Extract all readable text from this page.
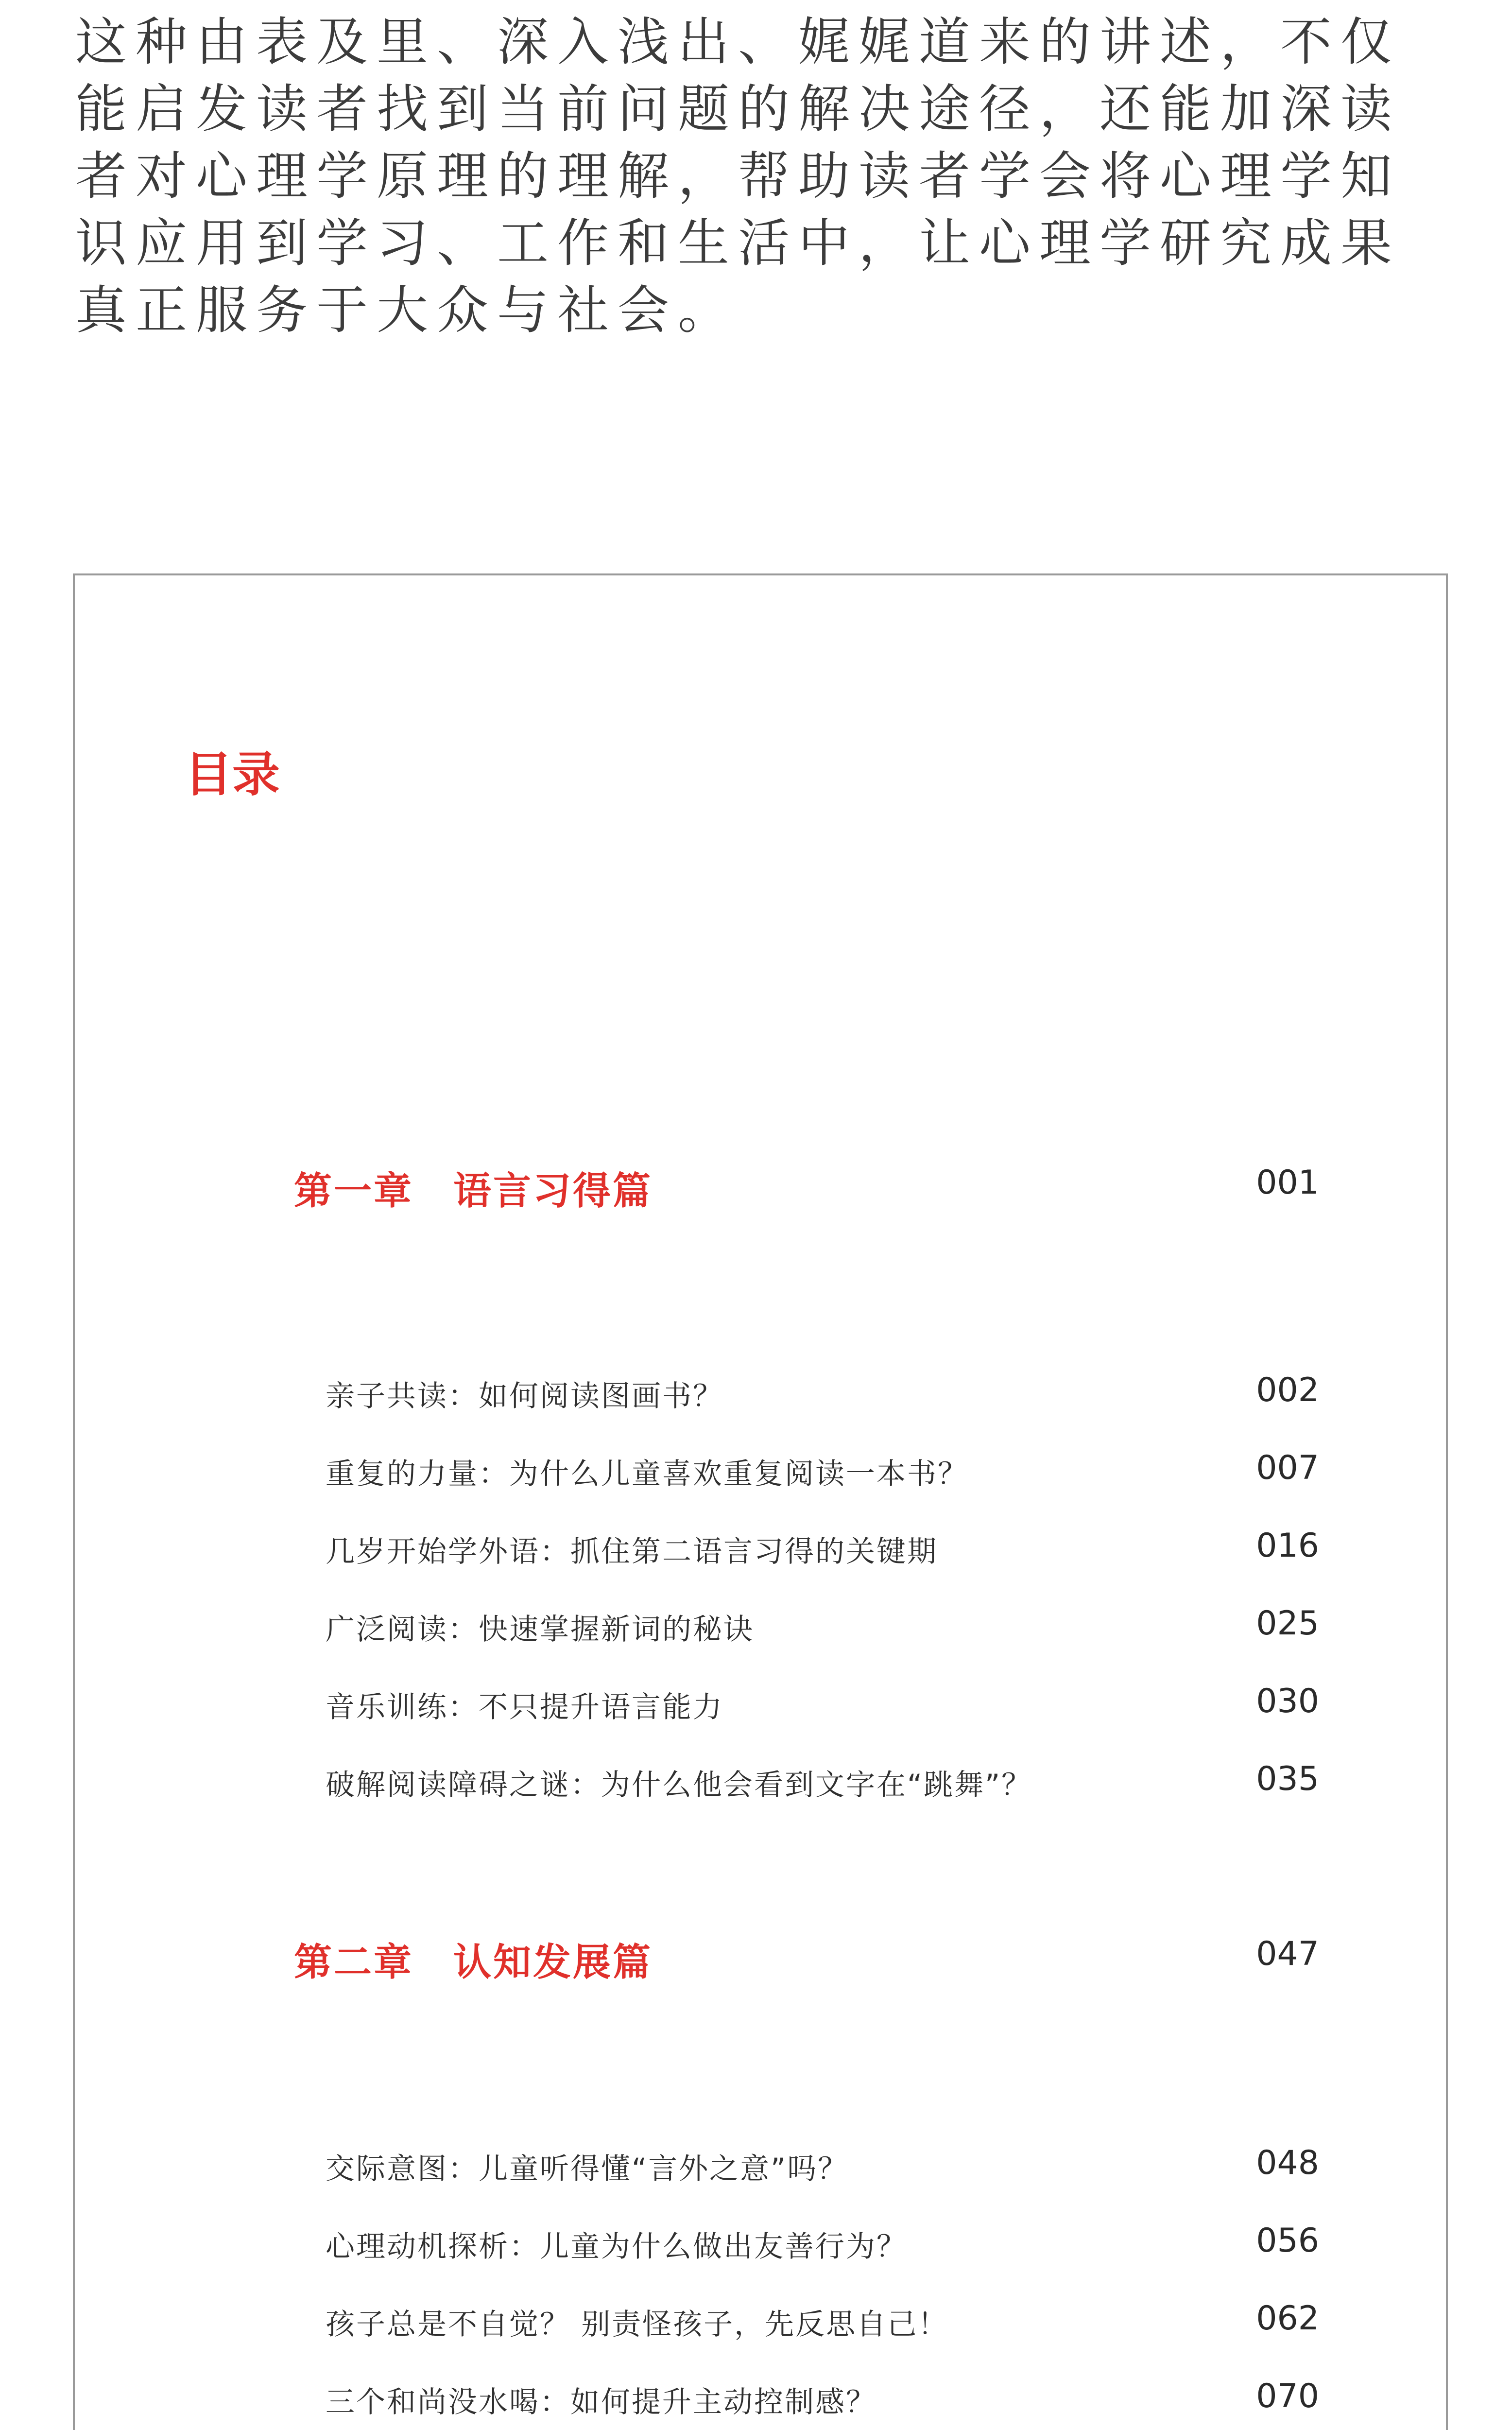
这种由表及里、深入浅出、娓娓道来的讲述，不仅
能启发读者找到当前问题的解决途径，还能加深读
者对心理学原理的理解，帮助读者学会将心理学知
识应用到学习、工作和生活中，让心理学研究成果
真正服务于大众与社会。
目录
第一章　语言习得篇	001
亲子共读：如何阅读图画书？	002
重复的力量：为什么儿童喜欢重复阅读一本书？	007
几岁开始学外语：抓住第二语言习得的关键期	016
广泛阅读：快速掌握新词的秘诀	025
音乐训练：不只提升语言能力	030
破解阅读障碍之谜：为什么他会看到文字在“跳舞”？	035
第二章　认知发展篇	047
交际意图：儿童听得懂“言外之意”吗？	048
心理动机探析：儿童为什么做出友善行为？	056
孩子总是不自觉？ 别责怪孩子，先反思自己！	062
三个和尚没水喝：如何提升主动控制感？	070
